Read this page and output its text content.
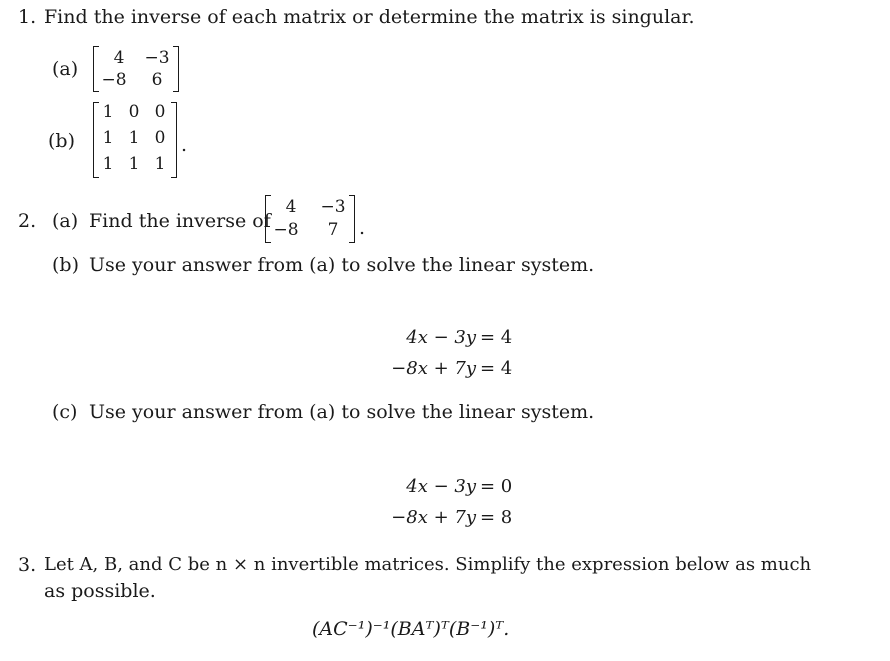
1. Find the inverse of each matrix or determine the matrix is singular.
(a) 4 −3
−8	6
(b)
1 0 0
1 1 0
1 1 1
.
2. (a) Find the inverse of
4 −3
−8	7	.
(b) Use your answer from (a) to solve the linear system.
4x − 3y = 4
−8x + 7y = 4
(c) Use your answer from (a) to solve the linear system.
4x − 3y = 0
−8x + 7y = 8
3. Let A, B, and C be n × n invertible matrices. Simplify the expression below as much
as possible.
(AC⁻¹)⁻¹(BAᵀ)ᵀ(B⁻¹)ᵀ.
